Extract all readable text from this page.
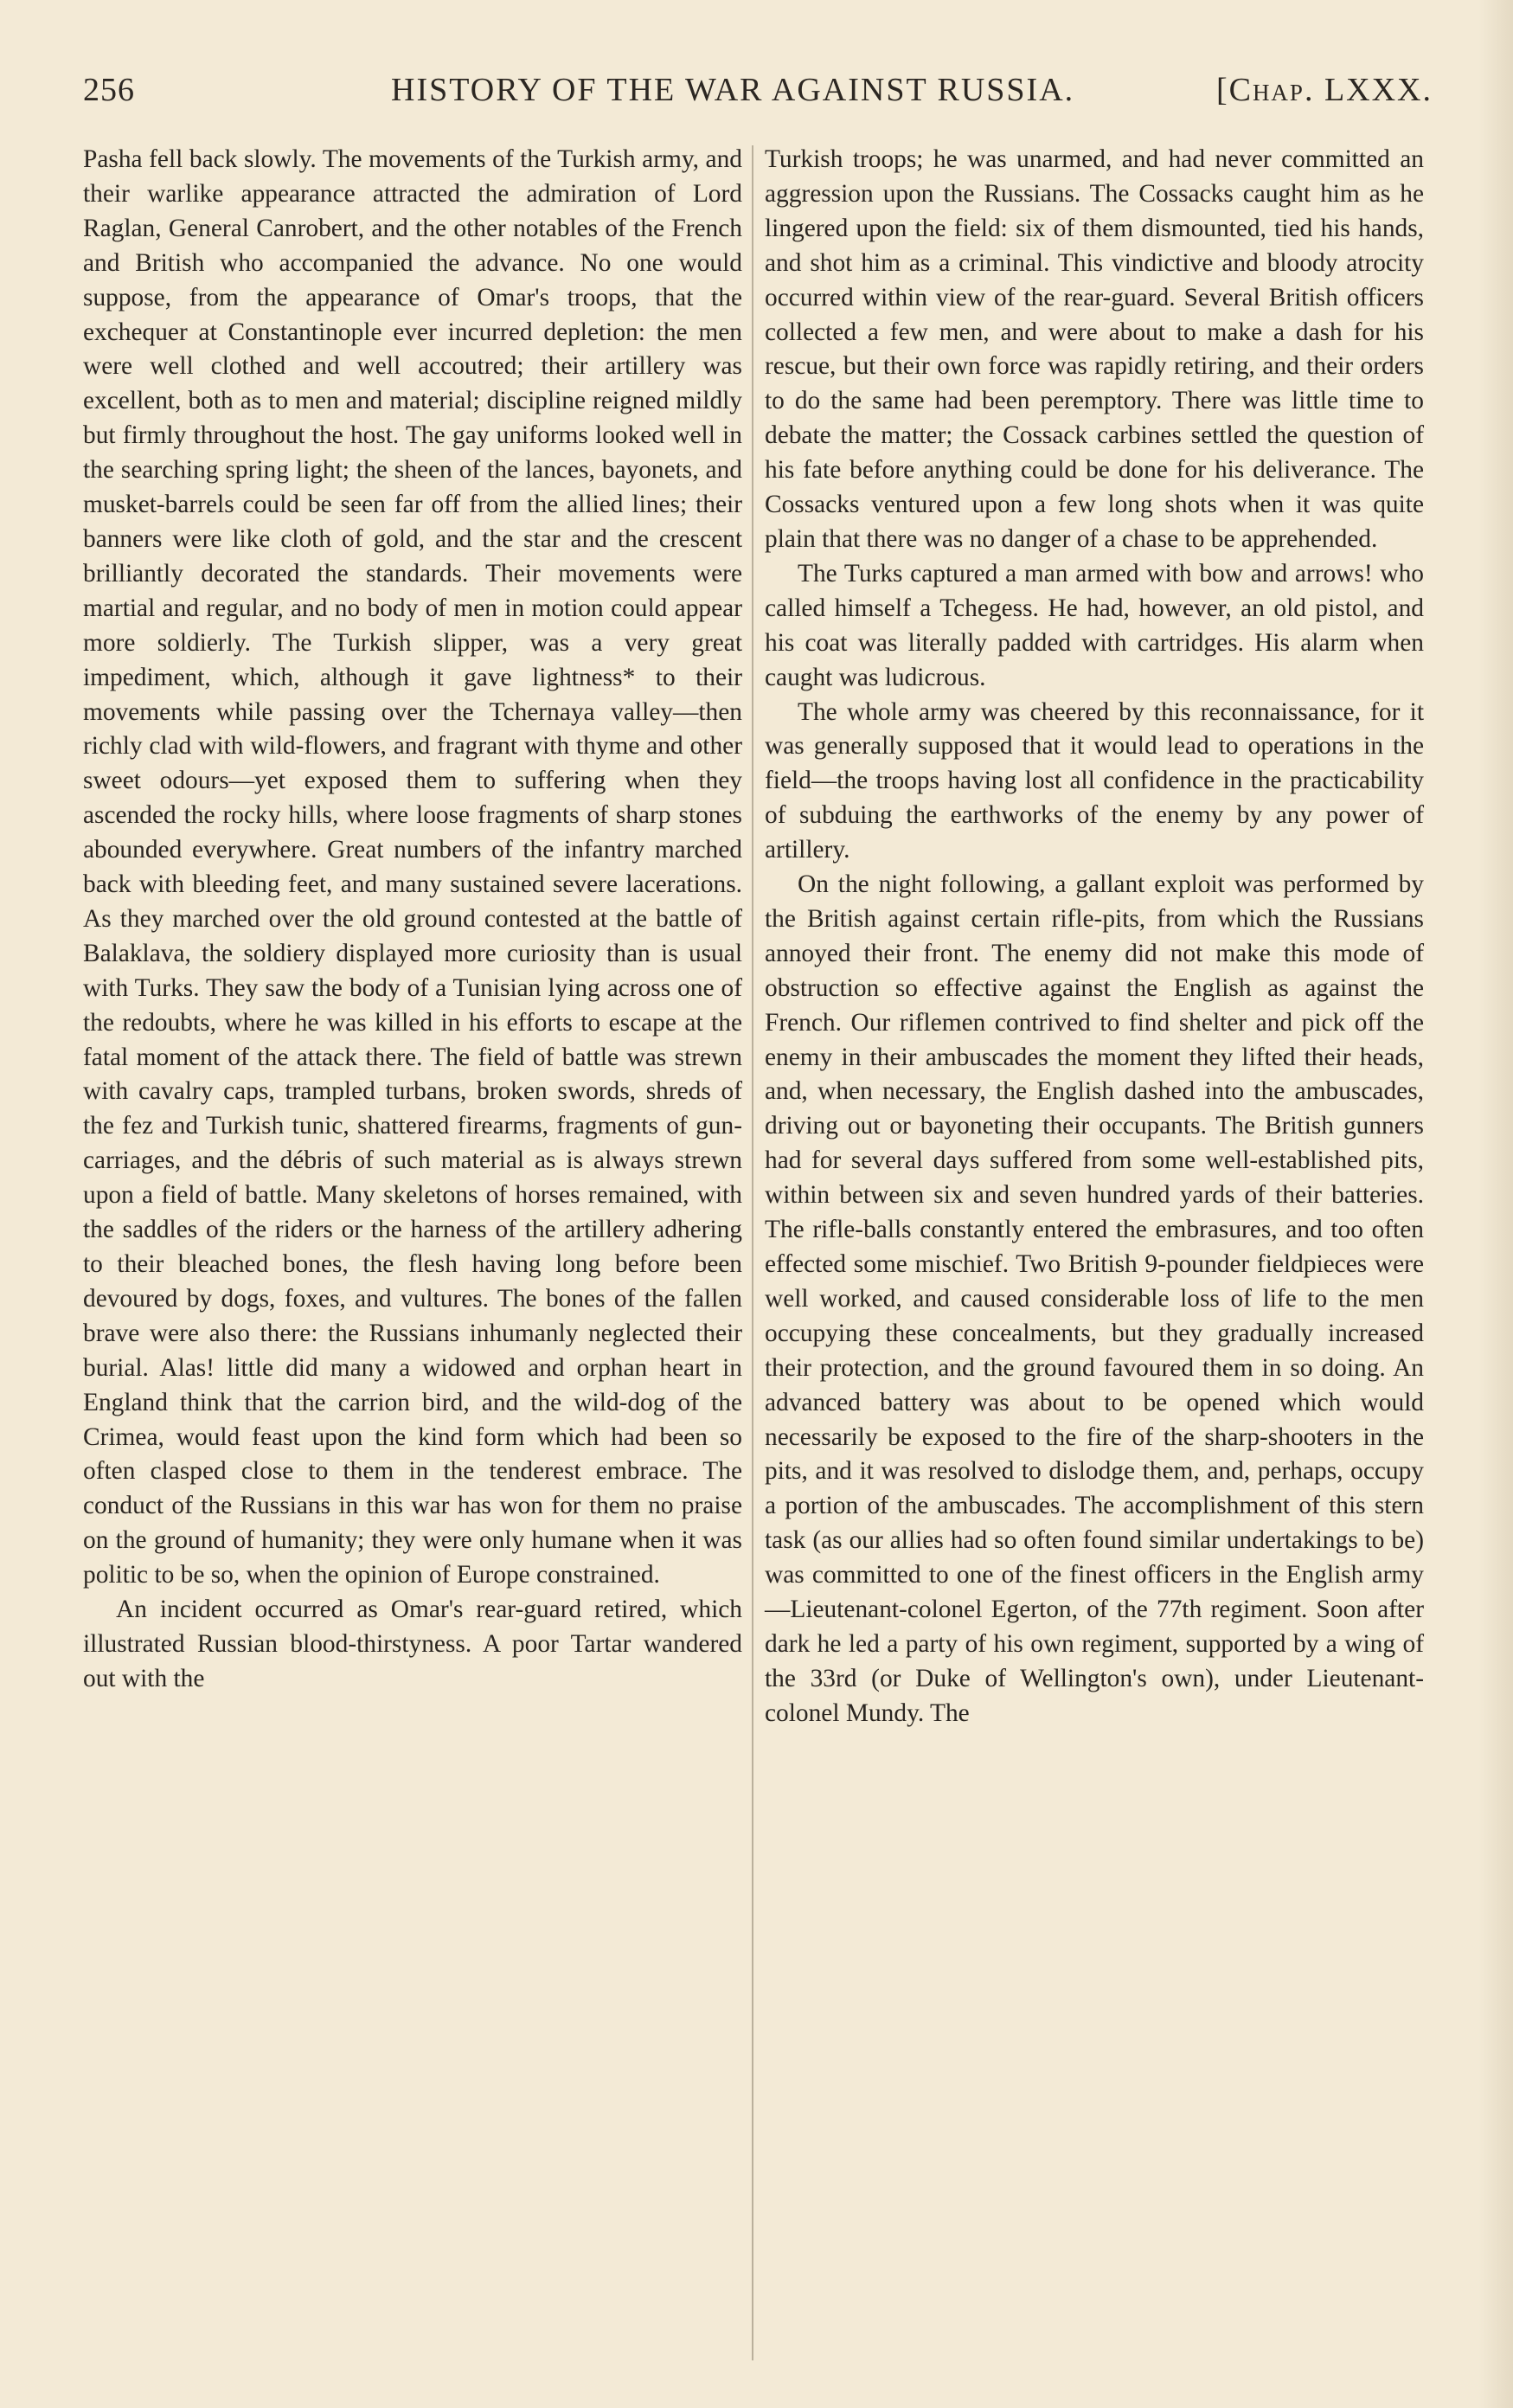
256	HISTORY OF THE WAR AGAINST RUSSIA.	[Chap. LXXX.

Pasha fell back slowly. The movements of the Turkish army, and their warlike appearance attracted the admiration of Lord Raglan, General Canrobert, and the other notables of the French and British who accompanied the advance. No one would suppose, from the appearance of Omar's troops, that the exchequer at Constantinople ever incurred depletion: the men were well clothed and well accoutred; their artillery was excellent, both as to men and material; discipline reigned mildly but firmly throughout the host. The gay uniforms looked well in the searching spring light; the sheen of the lances, bayonets, and musket-barrels could be seen far off from the allied lines; their banners were like cloth of gold, and the star and the crescent brilliantly decorated the standards. Their movements were martial and regular, and no body of men in motion could appear more soldierly. The Turkish slipper, was a very great impediment, which, although it gave lightness* to their movements while passing over the Tchernaya valley—then richly clad with wild-flowers, and fragrant with thyme and other sweet odours—yet exposed them to suffering when they ascended the rocky hills, where loose fragments of sharp stones abounded everywhere. Great numbers of the infantry marched back with bleeding feet, and many sustained severe lacerations. As they marched over the old ground contested at the battle of Balaklava, the soldiery displayed more curiosity than is usual with Turks. They saw the body of a Tunisian lying across one of the redoubts, where he was killed in his efforts to escape at the fatal moment of the attack there. The field of battle was strewn with cavalry caps, trampled turbans, broken swords, shreds of the fez and Turkish tunic, shattered firearms, fragments of gun-carriages, and the débris of such material as is always strewn upon a field of battle. Many skeletons of horses remained, with the saddles of the riders or the harness of the artillery adhering to their bleached bones, the flesh having long before been devoured by dogs, foxes, and vultures. The bones of the fallen brave were also there: the Russians inhumanly neglected their burial. Alas! little did many a widowed and orphan heart in England think that the carrion bird, and the wild-dog of the Crimea, would feast upon the kind form which had been so often clasped close to them in the tenderest embrace. The conduct of the Russians in this war has won for them no praise on the ground of humanity; they were only humane when it was politic to be so, when the opinion of Europe constrained.

An incident occurred as Omar's rear-guard retired, which illustrated Russian blood-thirstyness. A poor Tartar wandered out with the

Turkish troops; he was unarmed, and had never committed an aggression upon the Russians. The Cossacks caught him as he lingered upon the field: six of them dismounted, tied his hands, and shot him as a criminal. This vindictive and bloody atrocity occurred within view of the rear-guard. Several British officers collected a few men, and were about to make a dash for his rescue, but their own force was rapidly retiring, and their orders to do the same had been peremptory. There was little time to debate the matter; the Cossack carbines settled the question of his fate before anything could be done for his deliverance. The Cossacks ventured upon a few long shots when it was quite plain that there was no danger of a chase to be apprehended.

The Turks captured a man armed with bow and arrows! who called himself a Tchegess. He had, however, an old pistol, and his coat was literally padded with cartridges. His alarm when caught was ludicrous.

The whole army was cheered by this reconnaissance, for it was generally supposed that it would lead to operations in the field—the troops having lost all confidence in the practicability of subduing the earthworks of the enemy by any power of artillery.

On the night following, a gallant exploit was performed by the British against certain rifle-pits, from which the Russians annoyed their front. The enemy did not make this mode of obstruction so effective against the English as against the French. Our riflemen contrived to find shelter and pick off the enemy in their ambuscades the moment they lifted their heads, and, when necessary, the English dashed into the ambuscades, driving out or bayoneting their occupants. The British gunners had for several days suffered from some well-established pits, within between six and seven hundred yards of their batteries. The rifle-balls constantly entered the embrasures, and too often effected some mischief. Two British 9-pounder fieldpieces were well worked, and caused considerable loss of life to the men occupying these concealments, but they gradually increased their protection, and the ground favoured them in so doing. An advanced battery was about to be opened which would necessarily be exposed to the fire of the sharp-shooters in the pits, and it was resolved to dislodge them, and, perhaps, occupy a portion of the ambuscades. The accomplishment of this stern task (as our allies had so often found similar undertakings to be) was committed to one of the finest officers in the English army—Lieutenant-colonel Egerton, of the 77th regiment. Soon after dark he led a party of his own regiment, supported by a wing of the 33rd (or Duke of Wellington's own), under Lieutenant-colonel Mundy. The
